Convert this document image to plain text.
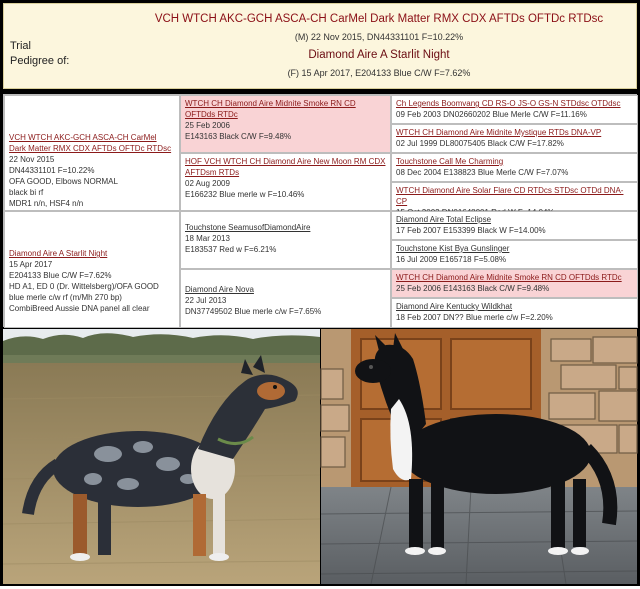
Trial
Pedigree of:
VCH WTCH AKC-GCH ASCA-CH CarMel Dark Matter RMX CDX AFTDs OFTDc RTDsc
(M) 22 Nov 2015, DN44331101 F=10.22%
Diamond Aire A Starlit Night
(F) 15 Apr 2017, E204133 Blue C/W F=7.62%
VCH WTCH AKC-GCH ASCA-CH CarMel Dark Matter RMX CDX AFTDs OFTDc RTDsc
22 Nov 2015
DN44331101 F=10.22%
OFA GOOD, Elbows NORMAL
black bi rf
MDR1 n/n, HSF4 n/n
Diamond Aire A Starlit Night
15 Apr 2017
E204133 Blue C/W F=7.62%
HD A1, ED 0 (Dr. Wittelsberg)/OFA GOOD
blue merle c/w rf (m/Mh 270 bp)
CombiBreed Aussie DNA panel all clear
WTCH CH Diamond Aire Midnite Smoke RN CD OFTDds RTDc
25 Feb 2006
E143163 Black C/W F=9.48%
HOF VCH WTCH CH Diamond Aire New Moon RM CDX AFTDsm RTDs
02 Aug 2009
E166232 Blue merle w F=10.46%
Touchstone SeamusofDiamondAire
18 Mar 2013
E183537 Red w F=6.21%
Diamond Aire Nova
22 Jul 2013
DN37749502 Blue merle c/w F=7.65%
Ch Legends Boomvang CD RS-O JS-O GS-N STDdsc OTDdsc
09 Feb 2003 DN02660202 Blue Merle C/W F=11.16%
WTCH CH Diamond Aire Midnite Mystique RTDs DNA-VP
02 Jul 1999 DL80075405 Black C/W F=17.82%
Touchstone Call Me Charming
08 Dec 2004 E138823 Blue Merle C/W F=7.07%
WTCH Diamond Aire Solar Flare CD RTDcs STDsc OTDd DNA-CP
Diamond Aire Total Eclipse
17 Feb 2007 E153399 Black W F=14.00%
Touchstone Kist Bya Gunslinger
16 Jul 2009 E165718 F=5.08%
WTCH CH Diamond Aire Midnite Smoke RN CD OFTDds RTDc
25 Feb 2006 E143163 Black C/W F=9.48%
Diamond Aire Kentucky Wildkhat
18 Feb 2007 DN?? Blue merle c/w F=2.20%
